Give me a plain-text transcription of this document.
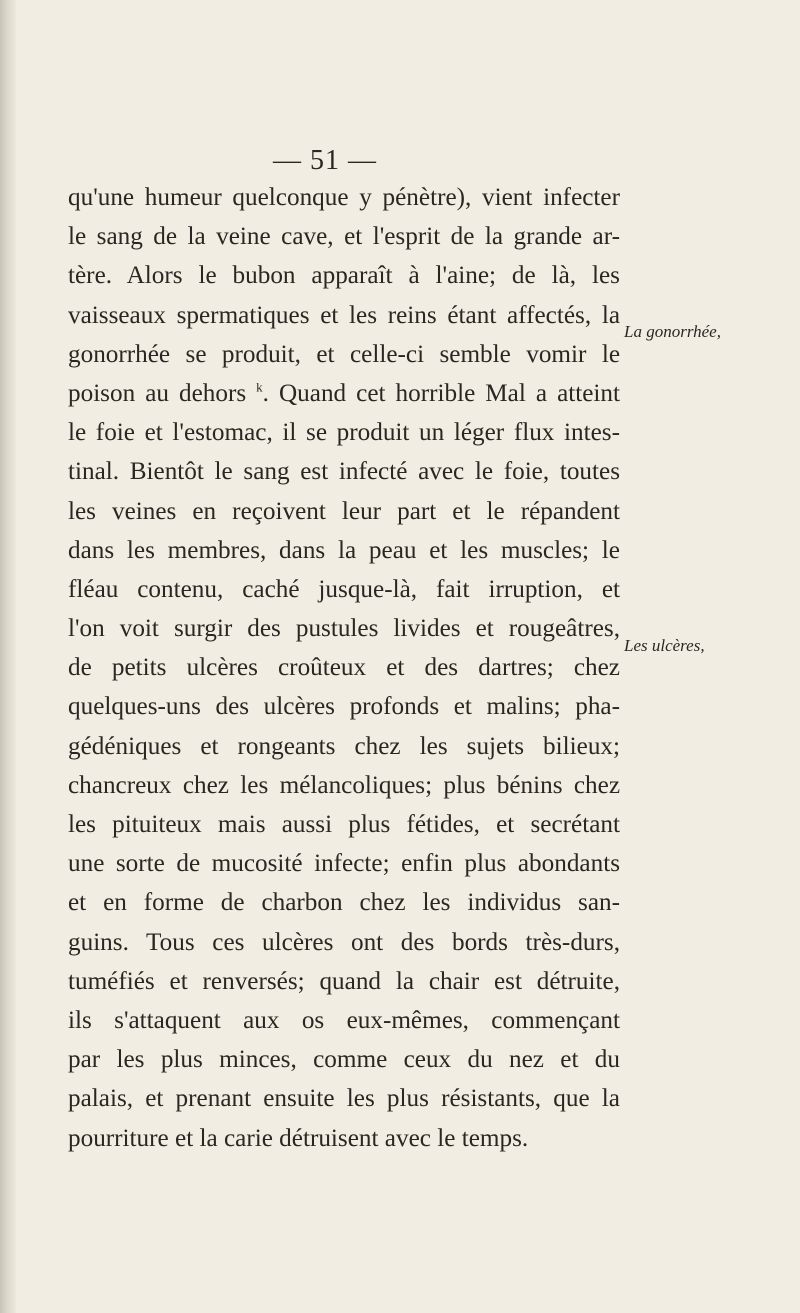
— 51 —
qu'une humeur quelconque y pénètre), vient infecter
le sang de la veine cave, et l'esprit de la grande ar-
tère. Alors le bubon apparaît à l'aine; de là, les
vaisseaux spermatiques et les reins étant affectés, la
gonorrhée se produit, et celle-ci semble vomir le
poison au dehors $^k$. Quand cet horrible Mal a atteint
le foie et l'estomac, il se produit un léger flux intes-
tinal. Bientôt le sang est infecté avec le foie, toutes
les veines en reçoivent leur part et le répandent
dans les membres, dans la peau et les muscles; le
fléau contenu, caché jusque-là, fait irruption, et
l'on voit surgir des pustules livides et rougeâtres,
de petits ulcères croûteux et des dartres; chez
quelques-uns des ulcères profonds et malins; pha-
gédéniques et rongeants chez les sujets bilieux;
chancreux chez les mélancoliques; plus bénins chez
les pituiteux mais aussi plus fétides, et secrétant
une sorte de mucosité infecte; enfin plus abondants
et en forme de charbon chez les individus san-
guins. Tous ces ulcères ont des bords très-durs,
tuméfiés et renversés; quand la chair est détruite,
ils s'attaquent aux os eux-mêmes, commençant
par les plus minces, comme ceux du nez et du
palais, et prenant ensuite les plus résistants, que la
pourriture et la carie détruisent avec le temps.
La gonorrhée,
Les ulcères,
